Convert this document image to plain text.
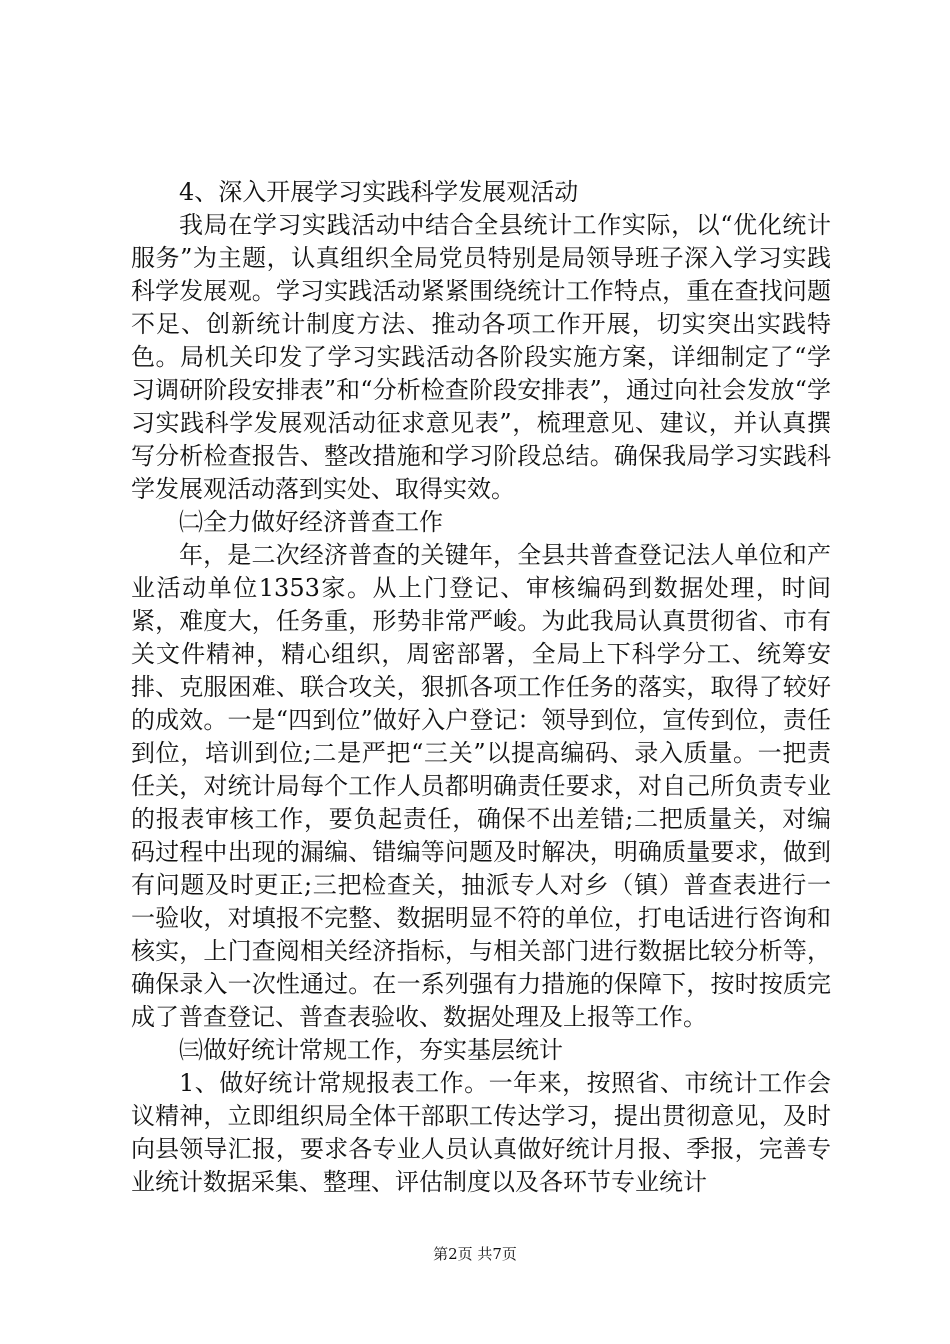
4、深入开展学习实践科学发展观活动

我局在学习实践活动中结合全县统计工作实际，以“优化统计服务”为主题，认真组织全局党员特别是局领导班子深入学习实践科学发展观。学习实践活动紧紧围绕统计工作特点，重在查找问题不足、创新统计制度方法、推动各项工作开展，切实突出实践特色。局机关印发了学习实践活动各阶段实施方案，详细制定了“学习调研阶段安排表”和“分析检查阶段安排表”，通过向社会发放“学习实践科学发展观活动征求意见表”，梳理意见、建议，并认真撰写分析检查报告、整改措施和学习阶段总结。确保我局学习实践科学发展观活动落到实处、取得实效。

㈡全力做好经济普查工作

年，是二次经济普查的关键年，全县共普查登记法人单位和产业活动单位1353家。从上门登记、审核编码到数据处理，时间紧，难度大，任务重，形势非常严峻。为此我局认真贯彻省、市有关文件精神，精心组织，周密部署，全局上下科学分工、统筹安排、克服困难、联合攻关，狠抓各项工作任务的落实，取得了较好的成效。一是“四到位”做好入户登记：领导到位，宣传到位，责任到位，培训到位;二是严把“三关”以提高编码、录入质量。一把责任关，对统计局每个工作人员都明确责任要求，对自己所负责专业的报表审核工作，要负起责任，确保不出差错;二把质量关，对编码过程中出现的漏编、错编等问题及时解决，明确质量要求，做到有问题及时更正;三把检查关，抽派专人对乡（镇）普查表进行一一验收，对填报不完整、数据明显不符的单位，打电话进行咨询和核实，上门查阅相关经济指标，与相关部门进行数据比较分析等，确保录入一次性通过。在一系列强有力措施的保障下，按时按质完成了普查登记、普查表验收、数据处理及上报等工作。

㈢做好统计常规工作，夯实基层统计

1、做好统计常规报表工作。一年来，按照省、市统计工作会议精神，立即组织局全体干部职工传达学习，提出贯彻意见，及时向县领导汇报，要求各专业人员认真做好统计月报、季报，完善专业统计数据采集、整理、评估制度以及各环节专业统计

第2页 共7页
